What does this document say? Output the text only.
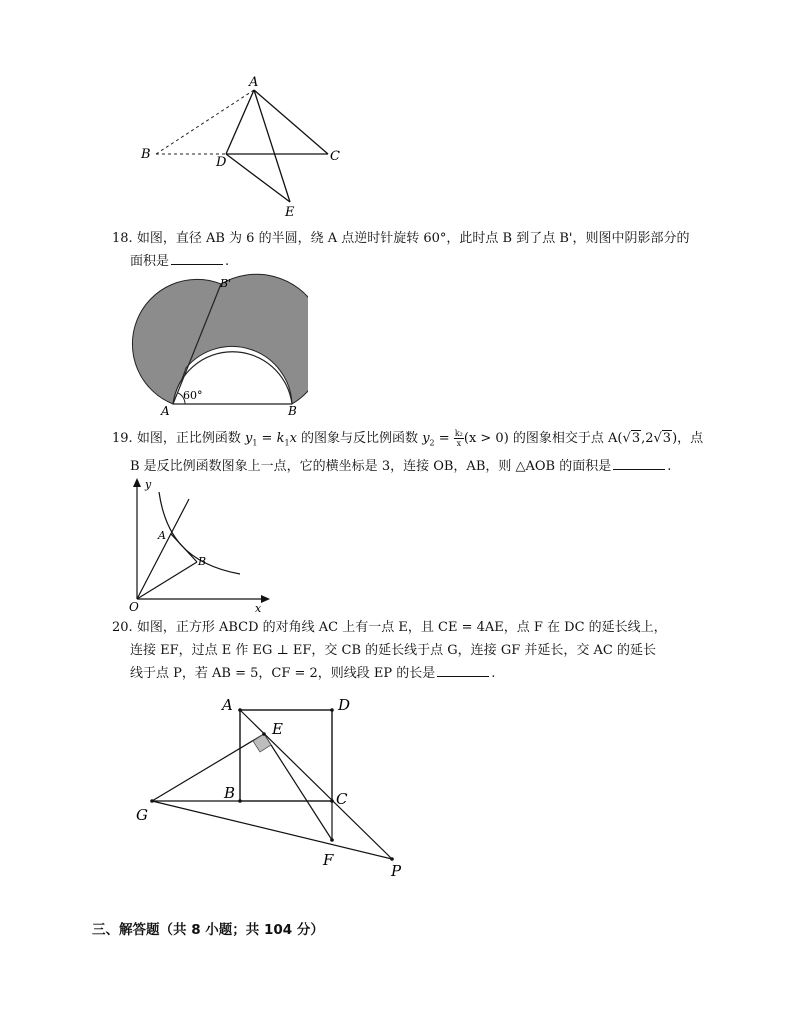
A
B	C
D
E
18. 如图，直径 AB 为 6 的半圆，绕 A 点逆时针旋转 60°，此时点 B 到了点 B'，则图中阴影部分的
面积是	.
A	B
B'
60°
19. 如图，正比例函数 $y_1 = k_1x$ 的图象与反比例函数 $y_2 = \frac{\text{k₂}}{x} (x > 0)$ 的图象相交于点 A(√3,2√3)，点
B 是反比例函数图象上一点，它的横坐标是 3，连接 OB，AB，则 △AOB 的面积是	.
y
x
O
A
B
20. 如图，正方形 ABCD 的对角线 AC 上有一点 E，且 CE = 4AE，点 F 在 DC 的延长线上，
连接 EF，过点 E 作 EG ⊥ EF，交 CB 的延长线于点 G，连接 GF 并延长，交 AC 的延长
线于点 P，若 AB = 5，CF = 2，则线段 EP 的长是	.
A	D
E
B	C
G
F
P
三、解答题（共 8 小题；共 104 分）
